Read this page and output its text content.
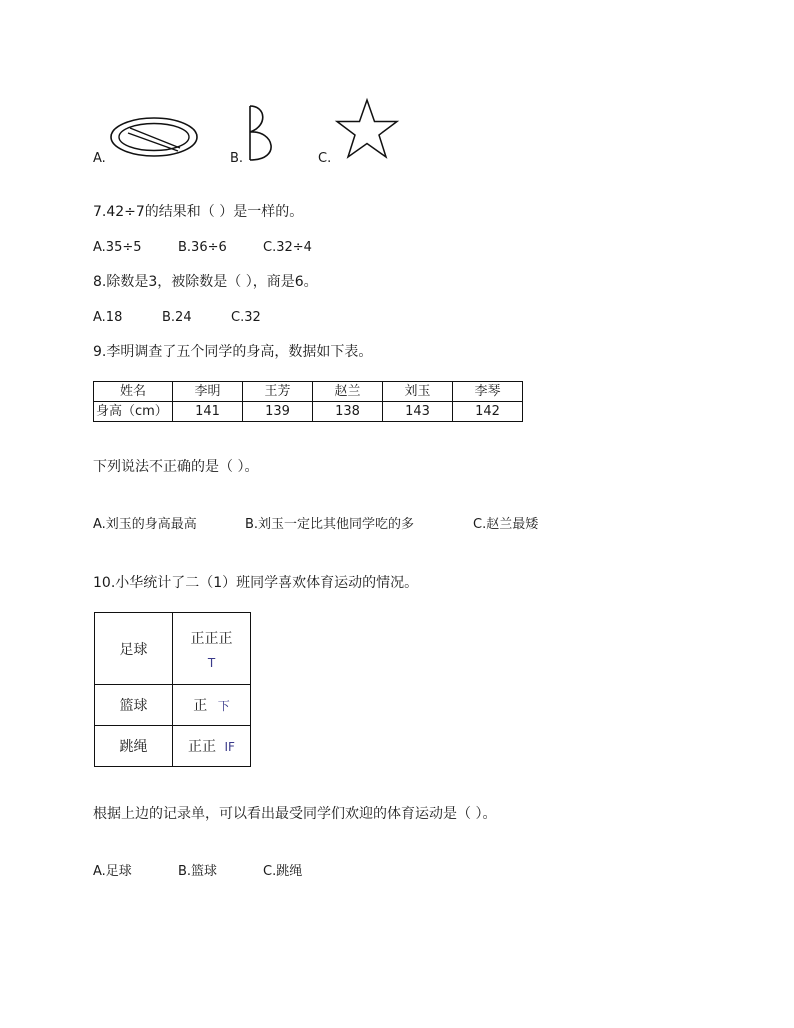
A.	B.	C.
7.42÷7的结果和（ ）是一样的。
A.35÷5	B.36÷6	C.32÷4
8.除数是3，被除数是（ ），商是6。
A.18	B.24	C.32
9.李明调查了五个同学的身高，数据如下表。
姓名	李明	王芳	赵兰	刘玉	李琴
身高（cm）	141	139	138	143	142
下列说法不正确的是（ ）。
A.刘玉的身高最高	B.刘玉一定比其他同学吃的多	C.赵兰最矮
10.小华统计了二（1）班同学喜欢体育运动的情况。
足球	正正正
T

篮球	正 下
跳绳	正正 IF
根据上边的记录单，可以看出最受同学们欢迎的体育运动是（ ）。
A.足球	B.篮球	C.跳绳
